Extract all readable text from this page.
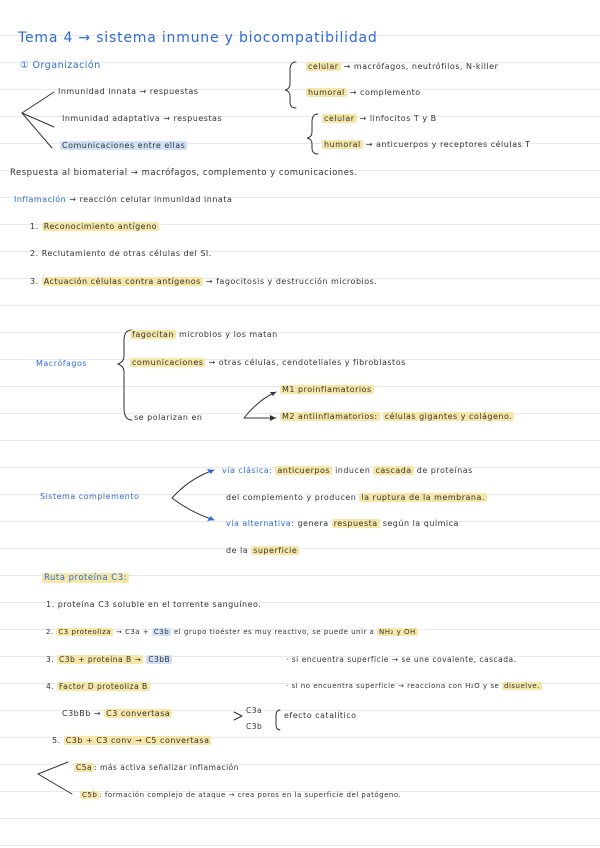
Tema 4 → sistema inmune y biocompatibilidad
① Organización
Inmunidad innata → respuestas
celular → macrófagos, neutrófilos, N-killer
humoral → complemento
Inmunidad adaptativa → respuestas	celular → linfocitos T y B
humoral → anticuerpos y receptores células T
Comunicaciones entre ellas
Respuesta al biomaterial → macrófagos, complemento y comunicaciones.
Inflamación → reacción celular inmunidad innata
1. Reconocimiento antígeno
2. Reclutamiento de otras células del SI.
3. Actuación células contra antígenos → fagocitosis y destrucción microbios.
Macrófagos
fagocitan microbios y los matan
comunicaciones → otras células, cendoteliales y fibroblastos
se polarizan en
M1 proinflamatorios
M2 antiinflamatorios: células gigantes y colágeno.
Sistema complemento
vía clásica: anticuerpos inducen cascada de proteínas
del complemento y producen la ruptura de la membrana.
vía alternativa: genera respuesta según la química
de la superficie
Ruta proteína C3:
1. proteína C3 soluble en el torrente sanguíneo.
2. C3 proteoliza → C3a + C3b el grupo tioéster es muy reactivo, se puede unir a NH₂ y OH
3. C3b + proteína B → C3bB	· si encuentra superficie → se une covalente, cascada.
4. Factor D proteoliza B	· si no encuentra superficie → reacciona con H₂O y se disuelve.
C3bBb → C3 convertasa	C3a
C3b
efecto catalítico
5. C3b + C3 conv → C5 convertasa
C5a : más activa señalizar inflamación
C5b : formación complejo de ataque → crea poros en la superficie del patógeno.
